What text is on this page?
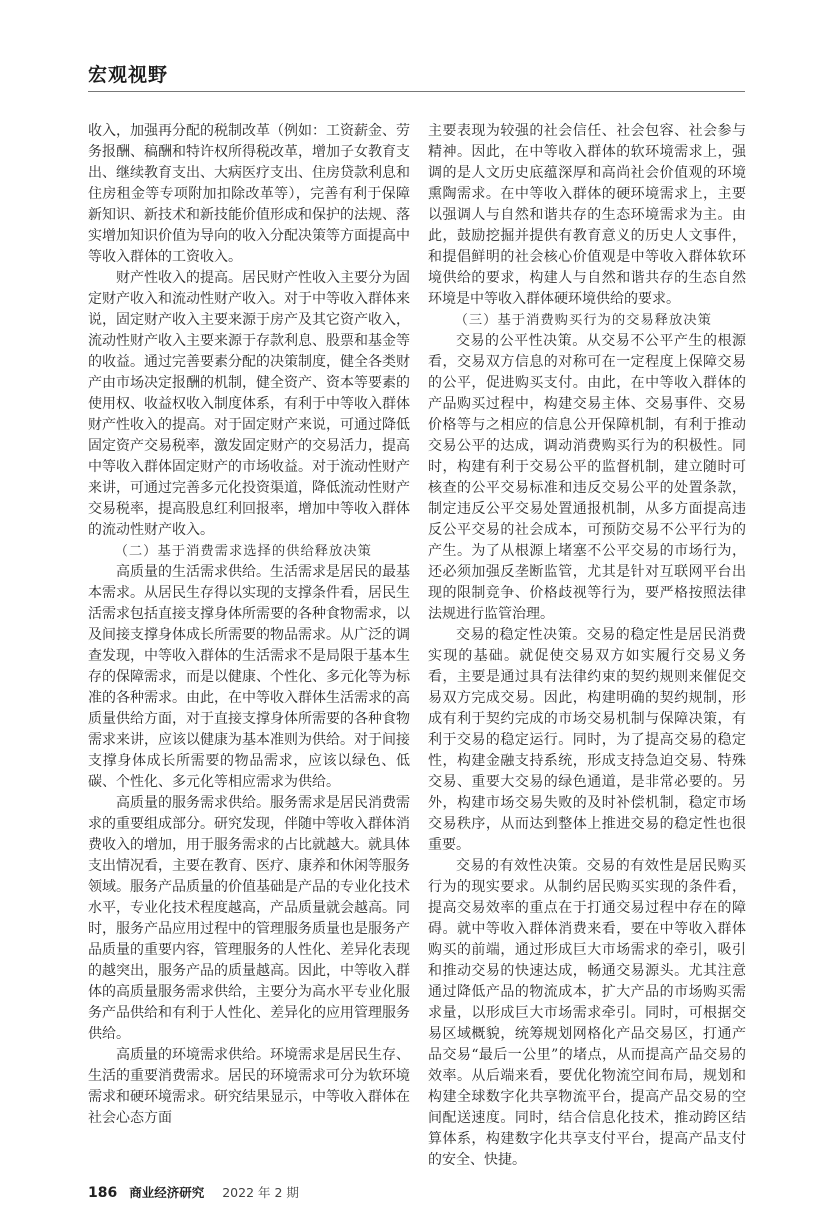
宏观视野

收入，加强再分配的税制改革（例如：工资薪金、劳务报酬、稿酬和特许权所得税改革，增加子女教育支出、继续教育支出、大病医疗支出、住房贷款利息和住房租金等专项附加扣除改革等），完善有利于保障新知识、新技术和新技能价值形成和保护的法规、落实增加知识价值为导向的收入分配决策等方面提高中等收入群体的工资收入。

财产性收入的提高。居民财产性收入主要分为固定财产收入和流动性财产收入。对于中等收入群体来说，固定财产收入主要来源于房产及其它资产收入，流动性财产收入主要来源于存款利息、股票和基金等的收益。通过完善要素分配的决策制度，健全各类财产由市场决定报酬的机制，健全资产、资本等要素的使用权、收益权收入制度体系，有利于中等收入群体财产性收入的提高。对于固定财产来说，可通过降低固定资产交易税率，激发固定财产的交易活力，提高中等收入群体固定财产的市场收益。对于流动性财产来讲，可通过完善多元化投资渠道，降低流动性财产交易税率，提高股息红利回报率，增加中等收入群体的流动性财产收入。

（二）基于消费需求选择的供给释放决策

高质量的生活需求供给。生活需求是居民的最基本需求。从居民生存得以实现的支撑条件看，居民生活需求包括直接支撑身体所需要的各种食物需求，以及间接支撑身体成长所需要的物品需求。从广泛的调查发现，中等收入群体的生活需求不是局限于基本生存的保障需求，而是以健康、个性化、多元化等为标准的各种需求。由此，在中等收入群体生活需求的高质量供给方面，对于直接支撑身体所需要的各种食物需求来讲，应该以健康为基本准则为供给。对于间接支撑身体成长所需要的物品需求，应该以绿色、低碳、个性化、多元化等相应需求为供给。

高质量的服务需求供给。服务需求是居民消费需求的重要组成部分。研究发现，伴随中等收入群体消费收入的增加，用于服务需求的占比就越大。就具体支出情况看，主要在教育、医疗、康养和休闲等服务领域。服务产品质量的价值基础是产品的专业化技术水平，专业化技术程度越高，产品质量就会越高。同时，服务产品应用过程中的管理服务质量也是服务产品质量的重要内容，管理服务的人性化、差异化表现的越突出，服务产品的质量越高。因此，中等收入群体的高质量服务需求供给，主要分为高水平专业化服务产品供给和有利于人性化、差异化的应用管理服务供给。

高质量的环境需求供给。环境需求是居民生存、生活的重要消费需求。居民的环境需求可分为软环境需求和硬环境需求。研究结果显示，中等收入群体在社会心态方面

主要表现为较强的社会信任、社会包容、社会参与精神。因此，在中等收入群体的软环境需求上，强调的是人文历史底蕴深厚和高尚社会价值观的环境熏陶需求。在中等收入群体的硬环境需求上，主要以强调人与自然和谐共存的生态环境需求为主。由此，鼓励挖掘并提供有教育意义的历史人文事件，和提倡鲜明的社会核心价值观是中等收入群体软环境供给的要求，构建人与自然和谐共存的生态自然环境是中等收入群体硬环境供给的要求。

（三）基于消费购买行为的交易释放决策

交易的公平性决策。从交易不公平产生的根源看，交易双方信息的对称可在一定程度上保障交易的公平，促进购买支付。由此，在中等收入群体的产品购买过程中，构建交易主体、交易事件、交易价格等与之相应的信息公开保障机制，有利于推动交易公平的达成，调动消费购买行为的积极性。同时，构建有利于交易公平的监督机制，建立随时可核查的公平交易标准和违反交易公平的处置条款，制定违反公平交易处置通报机制，从多方面提高违反公平交易的社会成本，可预防交易不公平行为的产生。为了从根源上堵塞不公平交易的市场行为，还必须加强反垄断监管，尤其是针对互联网平台出现的限制竞争、价格歧视等行为，要严格按照法律法规进行监管治理。

交易的稳定性决策。交易的稳定性是居民消费实现的基础。就促使交易双方如实履行交易义务看，主要是通过具有法律约束的契约规则来催促交易双方完成交易。因此，构建明确的契约规制，形成有利于契约完成的市场交易机制与保障决策，有利于交易的稳定运行。同时，为了提高交易的稳定性，构建金融支持系统，形成支持急迫交易、特殊交易、重要大交易的绿色通道，是非常必要的。另外，构建市场交易失败的及时补偿机制，稳定市场交易秩序，从而达到整体上推进交易的稳定性也很重要。

交易的有效性决策。交易的有效性是居民购买行为的现实要求。从制约居民购买实现的条件看，提高交易效率的重点在于打通交易过程中存在的障碍。就中等收入群体消费来看，要在中等收入群体购买的前端，通过形成巨大市场需求的牵引，吸引和推动交易的快速达成，畅通交易源头。尤其注意通过降低产品的物流成本，扩大产品的市场购买需求量，以形成巨大市场需求牵引。同时，可根据交易区域概貌，统筹规划网格化产品交易区，打通产品交易“最后一公里”的堵点，从而提高产品交易的效率。从后端来看，要优化物流空间布局，规划和构建全球数字化共享物流平台，提高产品交易的空间配送速度。同时，结合信息化技术，推动跨区结算体系，构建数字化共享支付平台，提高产品支付的安全、快捷。

186 商业经济研究 2022 年 2 期
